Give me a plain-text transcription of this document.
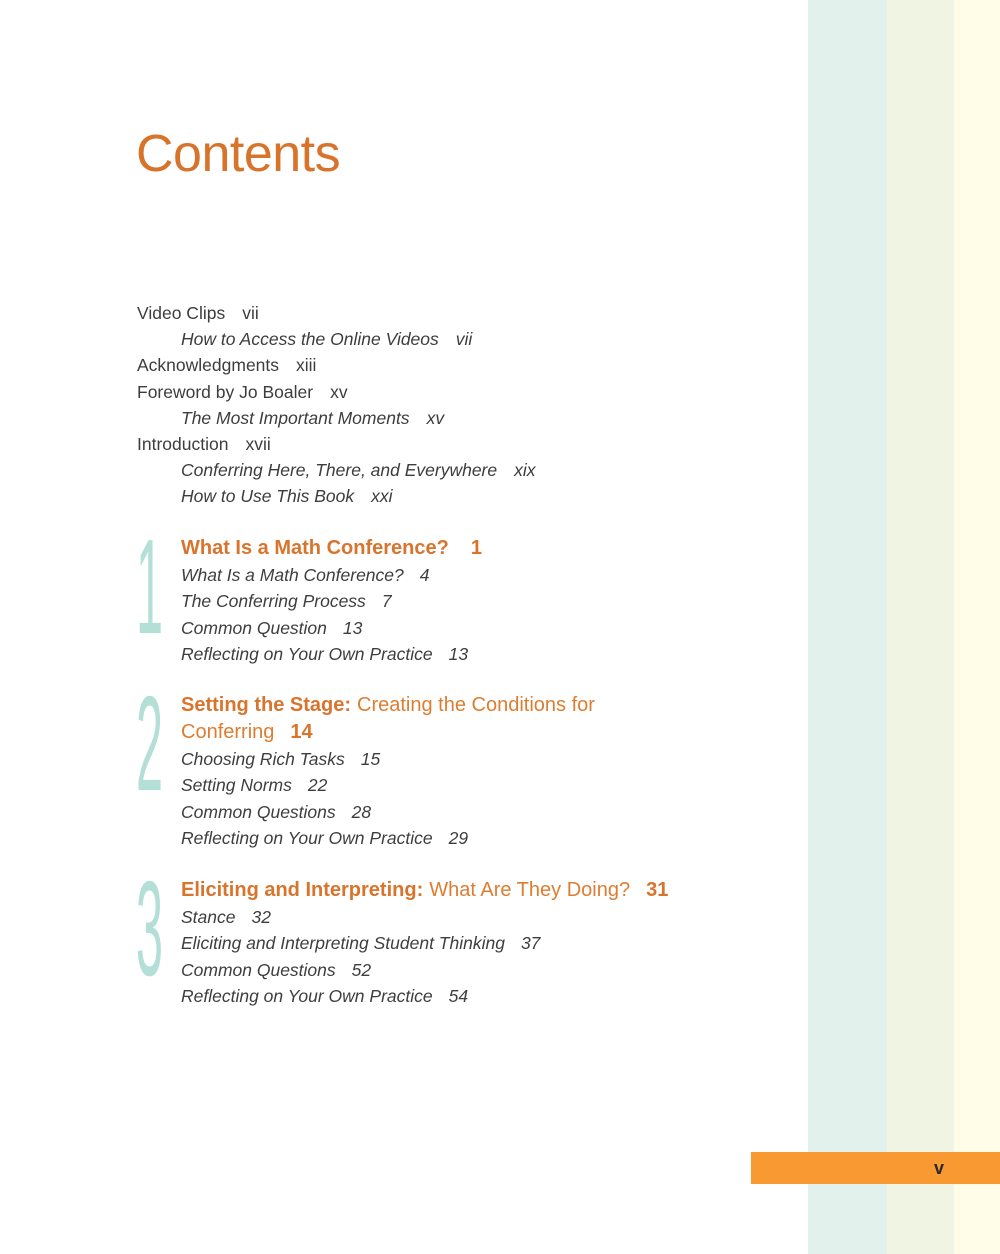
Contents
Video Clips vii
How to Access the Online Videos vii
Acknowledgments xiii
Foreword by Jo Boaler xv
The Most Important Moments xv
Introduction xvii
Conferring Here, There, and Everywhere xix
How to Use This Book xxi
1 What Is a Math Conference? 1
What Is a Math Conference? 4
The Conferring Process 7
Common Question 13
Reflecting on Your Own Practice 13
2 Setting the Stage: Creating the Conditions for Conferring 14
Choosing Rich Tasks 15
Setting Norms 22
Common Questions 28
Reflecting on Your Own Practice 29
3 Eliciting and Interpreting: What Are They Doing? 31
Stance 32
Eliciting and Interpreting Student Thinking 37
Common Questions 52
Reflecting on Your Own Practice 54
v
